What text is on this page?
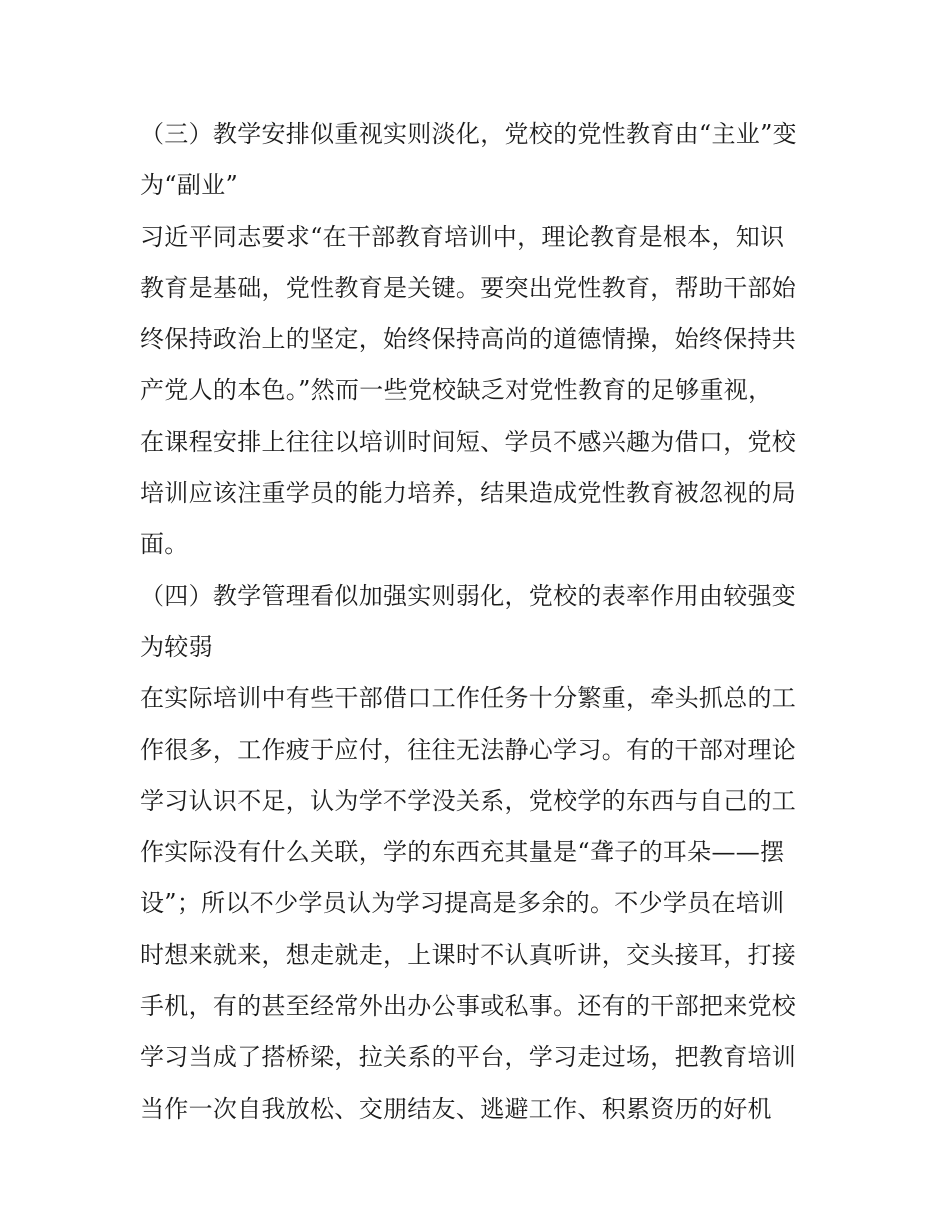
（三）教学安排似重视实则淡化，党校的党性教育由“主业”变
为“副业”
习近平同志要求“在干部教育培训中，理论教育是根本，知识
教育是基础，党性教育是关键。要突出党性教育，帮助干部始
终保持政治上的坚定，始终保持高尚的道德情操，始终保持共
产党人的本色。”然而一些党校缺乏对党性教育的足够重视，
在课程安排上往往以培训时间短、学员不感兴趣为借口，党校
培训应该注重学员的能力培养，结果造成党性教育被忽视的局
面。
（四）教学管理看似加强实则弱化，党校的表率作用由较强变
为较弱
在实际培训中有些干部借口工作任务十分繁重，牵头抓总的工
作很多，工作疲于应付，往往无法静心学习。有的干部对理论
学习认识不足，认为学不学没关系，党校学的东西与自己的工
作实际没有什么关联，学的东西充其量是“聋子的耳朵——摆
设”；所以不少学员认为学习提高是多余的。不少学员在培训
时想来就来，想走就走，上课时不认真听讲，交头接耳，打接
手机，有的甚至经常外出办公事或私事。还有的干部把来党校
学习当成了搭桥梁，拉关系的平台，学习走过场，把教育培训
当作一次自我放松、交朋结友、逃避工作、积累资历的好机
